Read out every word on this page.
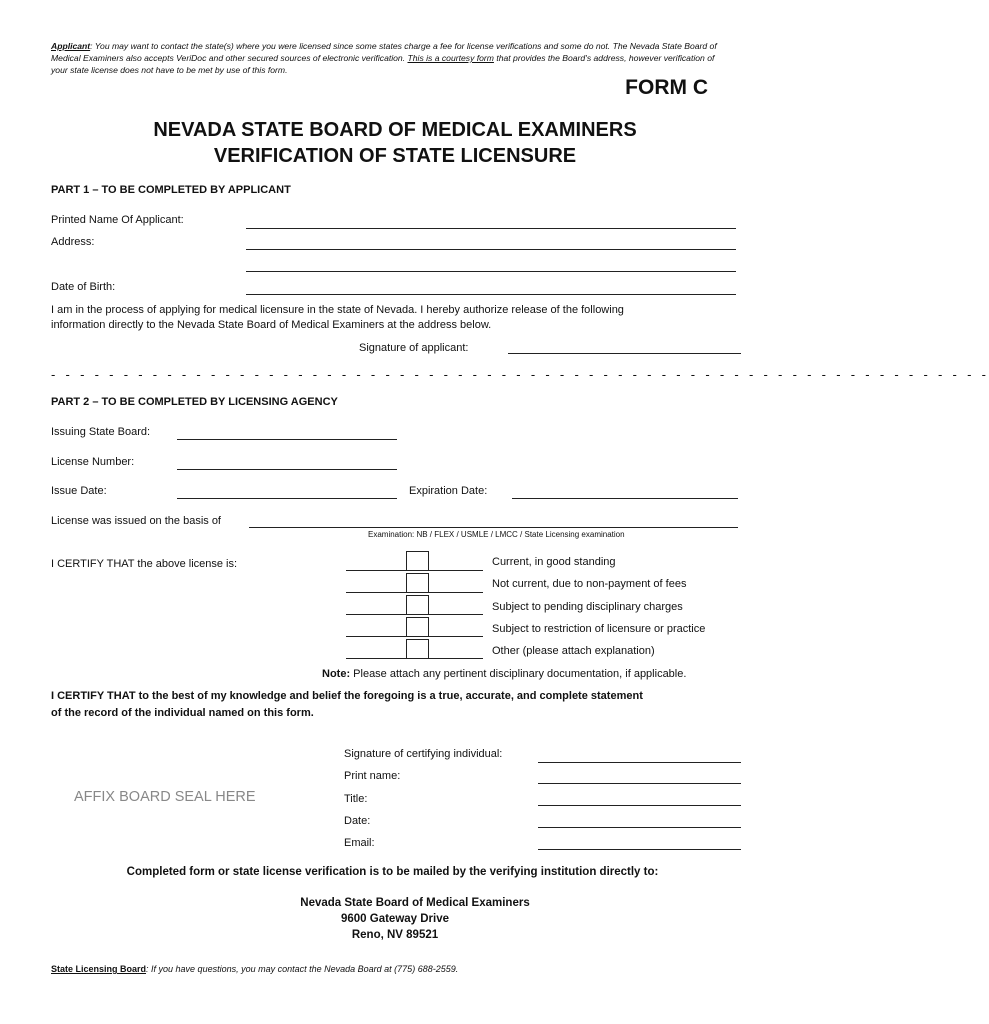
Applicant: You may want to contact the state(s) where you were licensed since some states charge a fee for license verifications and some do not. The Nevada State Board of Medical Examiners also accepts VeriDoc and other secured sources of electronic verification. This is a courtesy form that provides the Board's address, however verification of your state license does not have to be met by use of this form.
FORM C
NEVADA STATE BOARD OF MEDICAL EXAMINERS
VERIFICATION OF STATE LICENSURE
PART 1 – TO BE COMPLETED BY APPLICANT
Printed Name Of Applicant:
Address:
Date of Birth:
I am in the process of applying for medical licensure in the state of Nevada. I hereby authorize release of the following
information directly to the Nevada State Board of Medical Examiners at the address below.
Signature of applicant:
- - - - - - - - - - - - - - - - - - - - - - - - - - - - - - - - - - - - - - - - - - - - - - - - - - - - - - - - - - - - - - - - -
PART 2 – TO BE COMPLETED BY LICENSING AGENCY
Issuing State Board:
License Number:
Issue Date:	Expiration Date:
License was issued on the basis of
Examination: NB / FLEX / USMLE / LMCC / State Licensing examination
I CERTIFY THAT the above license is:	Current, in good standing
Not current, due to non-payment of fees
Subject to pending disciplinary charges
Subject to restriction of licensure or practice
Other (please attach explanation)
Note: Please attach any pertinent disciplinary documentation, if applicable.
I CERTIFY THAT to the best of my knowledge and belief the foregoing is a true, accurate, and complete statement
of the record of the individual named on this form.
AFFIX BOARD SEAL HERE
Signature of certifying individual:
Print name:
Title:
Date:
Email:
Completed form or state license verification is to be mailed by the verifying institution directly to:
Nevada State Board of Medical Examiners
9600 Gateway Drive
Reno, NV 89521
State Licensing Board: If you have questions, you may contact the Nevada Board at (775) 688-2559.
